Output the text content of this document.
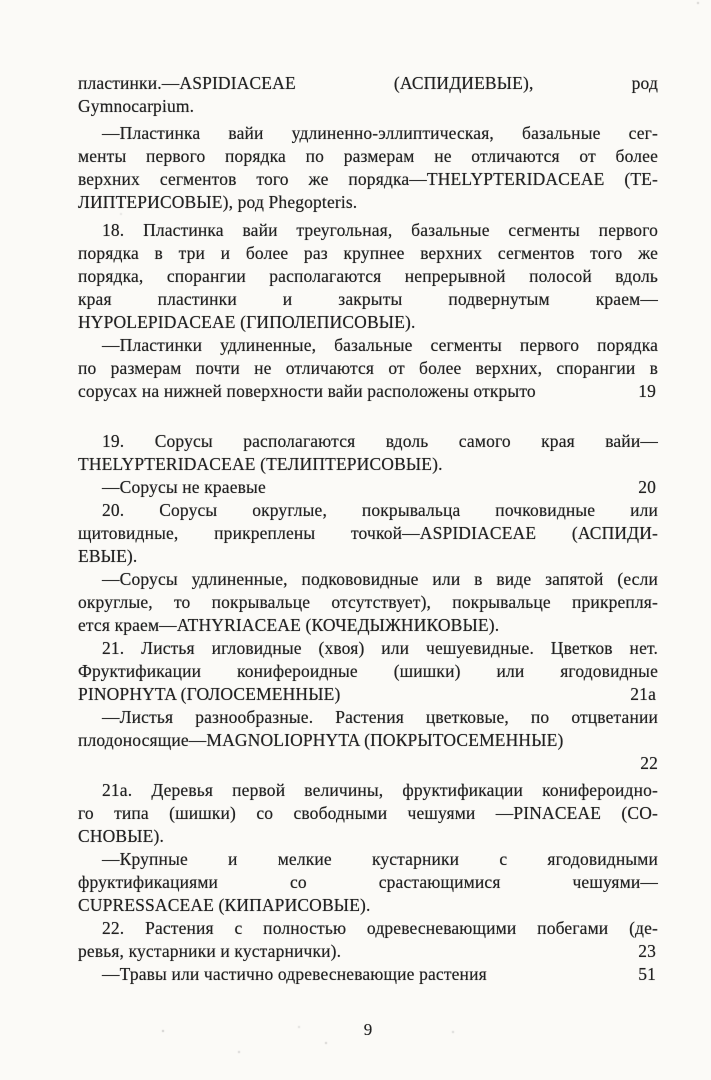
пластинки.—ASPIDIACEAE (АСПИДИЕВЫЕ), род
Gymnocarpium.
—Пластинка вайи удлиненно-эллиптическая, базальные сег-
менты первого порядка по размерам не отличаются от более
верхних сегментов того же порядка—THELYPTERIDACEAE (ТЕ-
ЛИПТЕРИСОВЫЕ), род Phegopteris.
18. Пластинка вайи треугольная, базальные сегменты первого
порядка в три и более раз крупнее верхних сегментов того же
порядка, спорангии располагаются непрерывной полосой вдоль
края пластинки и закрыты подвернутым краем—
HYPOLEPIDACEAE (ГИПОЛЕПИСОВЫЕ).
—Пластинки удлиненные, базальные сегменты первого порядка
по размерам почти не отличаются от более верхних, спорангии в
сорусах на нижней поверхности вайи расположены открыто	19
19. Сорусы располагаются вдоль самого края вайи—
THELYPTERIDACEAE (ТЕЛИПТЕРИСОВЫЕ).
—Сорусы не краевые	20
20. Сорусы округлые, покрывальца почковидные или
щитовидные, прикреплены точкой—ASPIDIACEAE (АСПИДИ-
ЕВЫЕ).
—Сорусы удлиненные, подкововидные или в виде запятой (если
округлые, то покрывальце отсутствует), покрывальце прикрепля-
ется краем—ATHYRIACEAE (КОЧЕДЫЖНИКОВЫЕ).
21. Листья игловидные (хвоя) или чешуевидные. Цветков нет.
Фруктификации конифероидные (шишки) или ягодовидные
PINOPHYTA (ГОЛОСЕМЕННЫЕ)	21а
—Листья разнообразные. Растения цветковые, по отцветании
плодоносящие—MAGNOLIOPHYTA (ПОКРЫТОСЕМЕННЫЕ)
22
21а. Деревья первой величины, фруктификации конифероидно-
го типа (шишки) со свободными чешуями —PINACEAE (СО-
СНОВЫЕ).
—Крупные и мелкие кустарники с ягодовидными
фруктификациями со срастающимися чешуями—
CUPRESSACEAE (КИПАРИСОВЫЕ).
22. Растения с полностью одревесневающими побегами (де-
ревья, кустарники и кустарнички).	23
—Травы или частично одревесневающие растения	51
9
